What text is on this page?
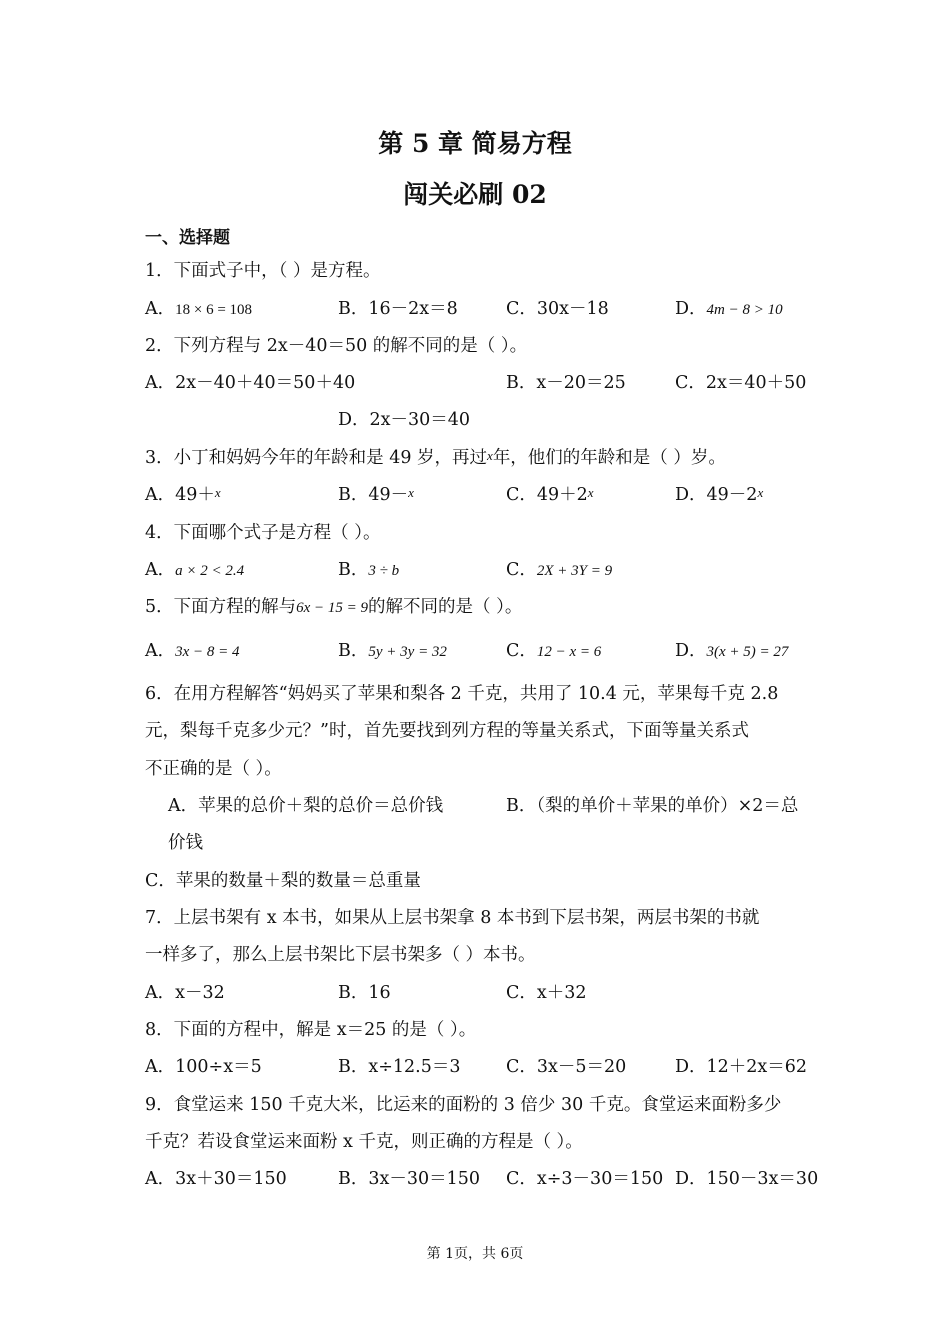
第 5 章 简易方程
闯关必刷 02
一、选择题
1．下面式子中，（ ）是方程。
A．18 × 6 = 108	B．16－2x＝8	C．30x－18	D．4m − 8 > 10
2．下列方程与 2x－40＝50 的解不同的是（ ）。
A．2x－40＋40＝50＋40	B．x－20＝25	C．2x＝40＋50
D．2x－30＝40
3．小丁和妈妈今年的年龄和是 49 岁，再过x年，他们的年龄和是（ ）岁。
A．49＋x	B．49－x	C．49＋2x	D．49－2x
4．下面哪个式子是方程（ ）。
A．a × 2 < 2.4	B．3 ÷ b	C．2X + 3Y = 9
5．下面方程的解与6x − 15 = 9的解不同的是（ ）。
A．3x − 8 = 4	B．5y + 3y = 32	C．12 − x = 6	D．3(x + 5) = 27
6．在用方程解答“妈妈买了苹果和梨各 2 千克，共用了 10.4 元，苹果每千克 2.8
元，梨每千克多少元？”时，首先要找到列方程的等量关系式，下面等量关系式
不正确的是（ ）。
A．苹果的总价＋梨的总价＝总价钱	B．（梨的单价＋苹果的单价）×2＝总
价钱
C．苹果的数量＋梨的数量＝总重量
7．上层书架有 x 本书，如果从上层书架拿 8 本书到下层书架，两层书架的书就
一样多了，那么上层书架比下层书架多（ ）本书。
A．x－32	B．16	C．x＋32
8．下面的方程中，解是 x＝25 的是（ ）。
A．100÷x＝5	B．x÷12.5＝3	C．3x－5＝20	D．12＋2x＝62
9．食堂运来 150 千克大米，比运来的面粉的 3 倍少 30 千克。食堂运来面粉多少
千克？若设食堂运来面粉 x 千克，则正确的方程是（ ）。
A．3x＋30＝150	B．3x－30＝150 C．x÷3－30＝150 D．150－3x＝30
第 1页，共 6页
